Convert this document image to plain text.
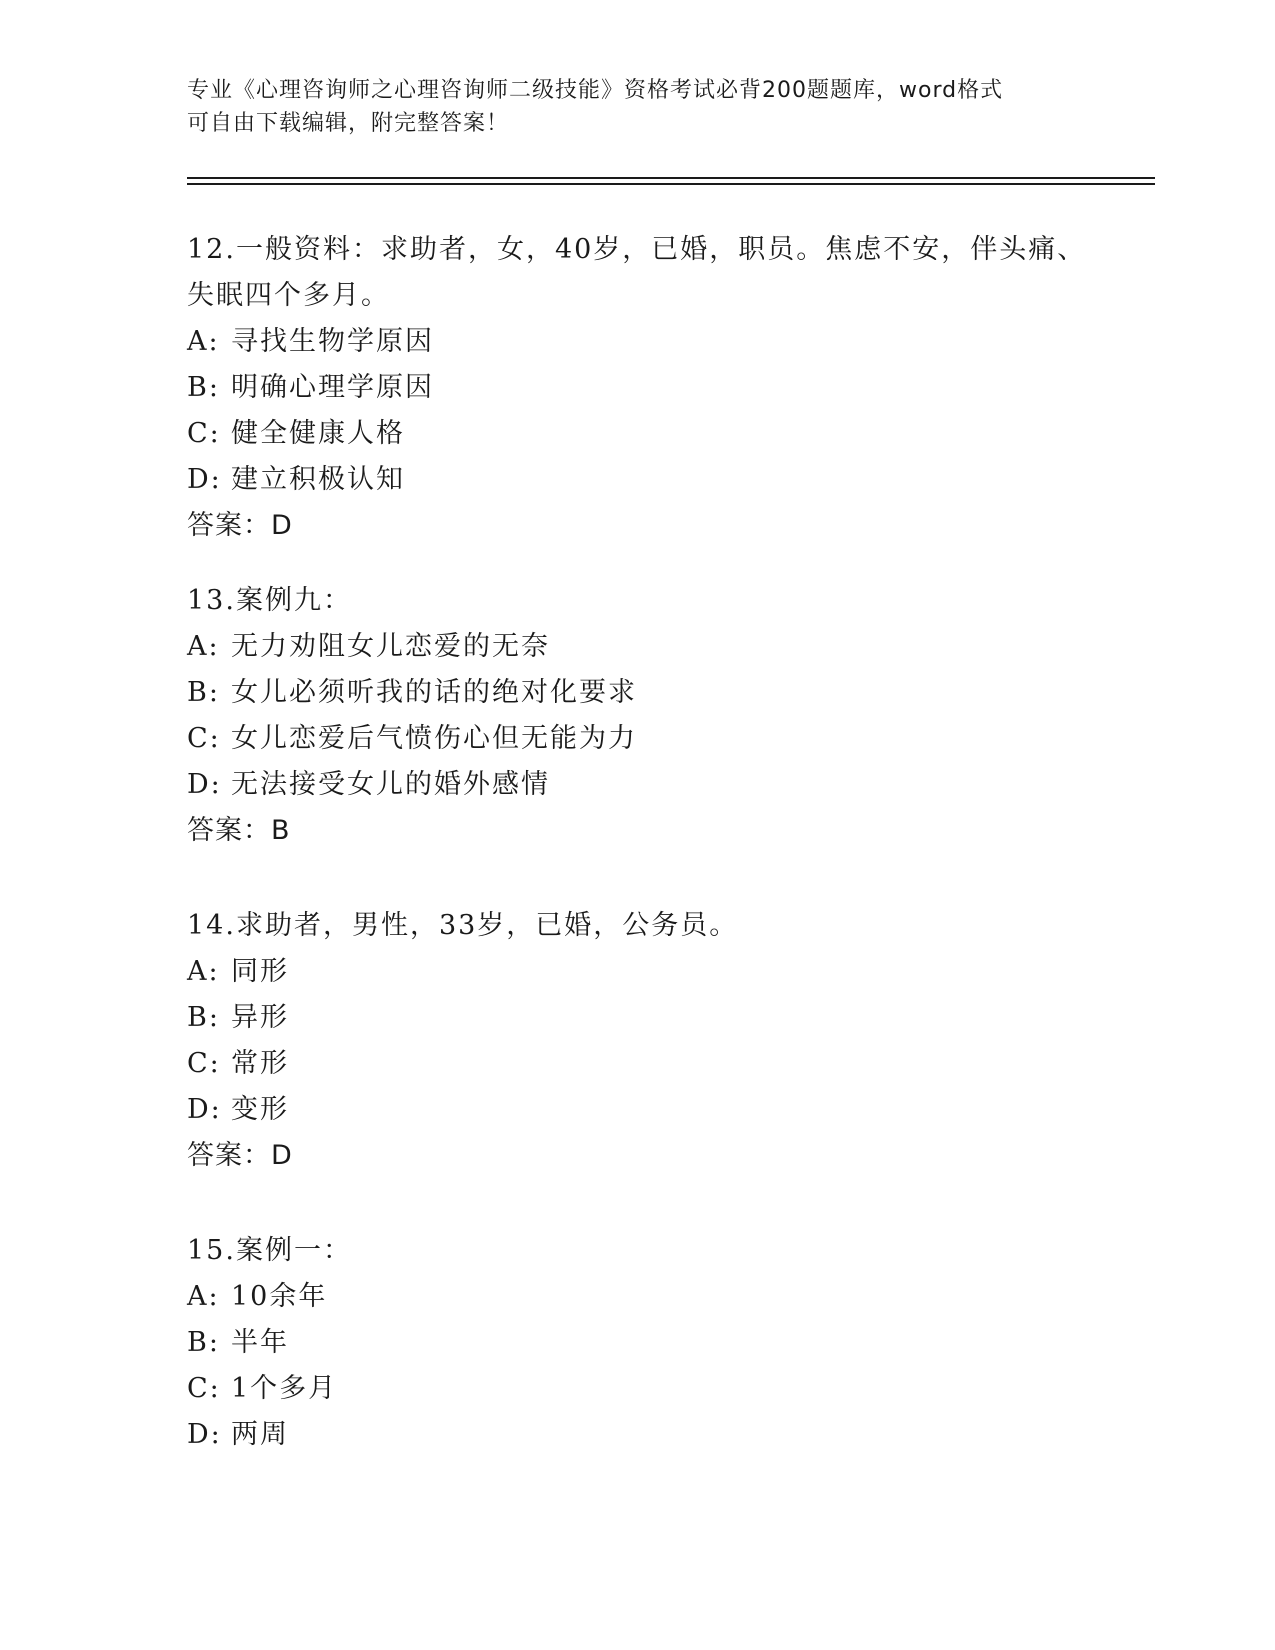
专业《心理咨询师之心理咨询师二级技能》资格考试必背200题题库，word格式
可自由下载编辑，附完整答案！

12.一般资料：求助者，女，40岁，已婚，职员。焦虑不安，伴头痛、

失眠四个多月。

A: 寻找生物学原因
B: 明确心理学原因
C: 健全健康人格
D: 建立积极认知
答案：D

13.案例九：

A: 无力劝阻女儿恋爱的无奈
B: 女儿必须听我的话的绝对化要求
C: 女儿恋爱后气愤伤心但无能为力
D: 无法接受女儿的婚外感情
答案：B

14.求助者，男性，33岁，已婚，公务员。

A: 同形
B: 异形
C: 常形
D: 变形
答案：D

15.案例一：

A: 10余年
B: 半年
C: 1个多月
D: 两周
